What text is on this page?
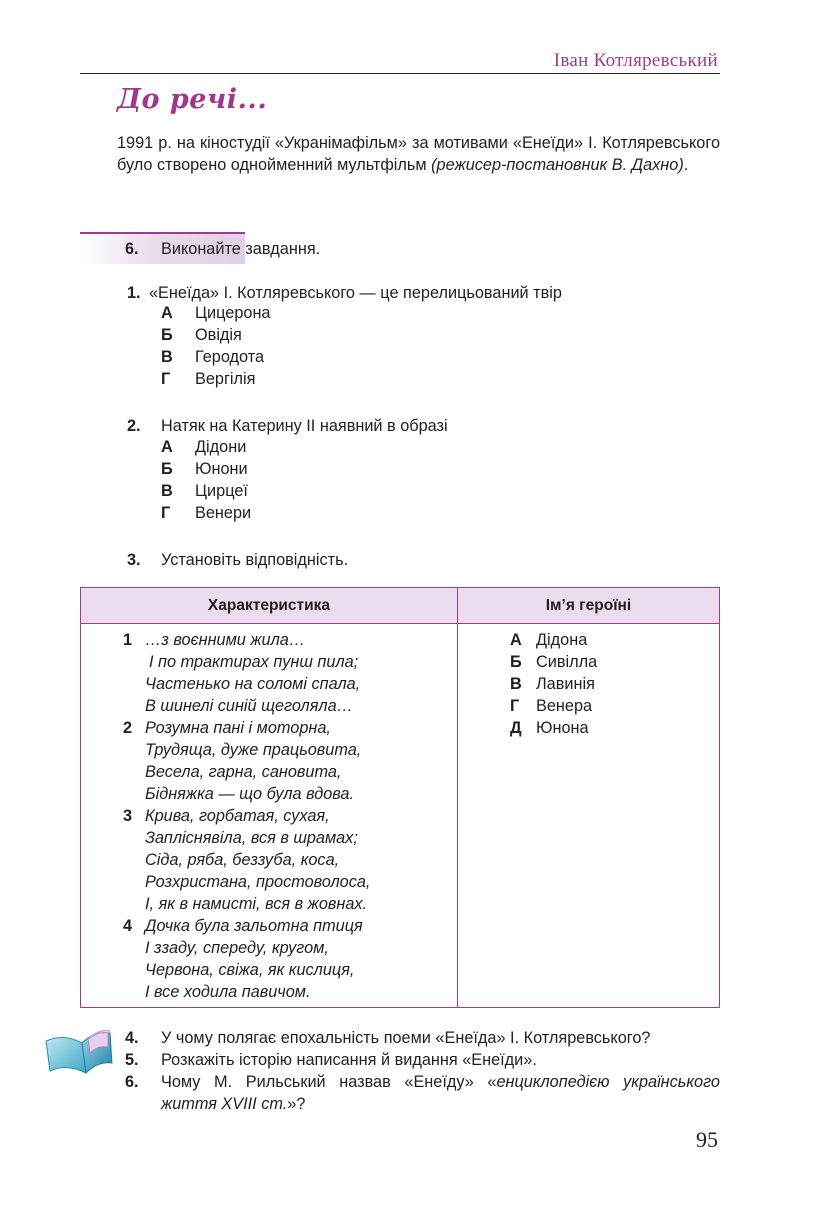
Іван Котляревський
До речі...
1991 р. на кіностудії «Укранімафільм» за мотивами «Енеїди» І. Котляревського було створено однойменний мультфільм (режисер-постановник В. Дахно).
6. Виконайте завдання.
1. «Енеїда» І. Котляревського — це перелицьований твір
А Цицерона
Б Овідія
В Геродота
Г Вергілія
2. Натяк на Катерину ІІ наявний в образі
А Дідони
Б Юнони
В Цирцеї
Г Венери
3. Установіть відповідність.
Характеристика	Ім’я героїні
1 …з воєнними жила…
І по трактирах пунш пила;
Частенько на соломі спала,
В шинелі синій щеголяла…
2 Розумна пані і моторна,
Трудяща, дуже працьовита,
Весела, гарна, сановита,
Бідняжка — що була вдова.
3 Крива, горбатая, сухая,
Запліснявіла, вся в шрамах;
Сіда, ряба, беззуба, коса,
Розхристана, простоволоса,
І, як в намисті, вся в жовнах.
4 Дочка була зальотна птиця
І ззаду, спереду, кругом,
Червона, свіжа, як кислиця,
І все ходила павичом.
А Дідона
Б Сивілла
В Лавинія
Г Венера
Д Юнона
4. У чому полягає епохальність поеми «Енеїда» І. Котляревського?
5. Розкажіть історію написання й видання «Енеїди».
6. Чому М. Рильський назвав «Енеїду» «енциклопедією українського життя XVIII ст.»?
95
